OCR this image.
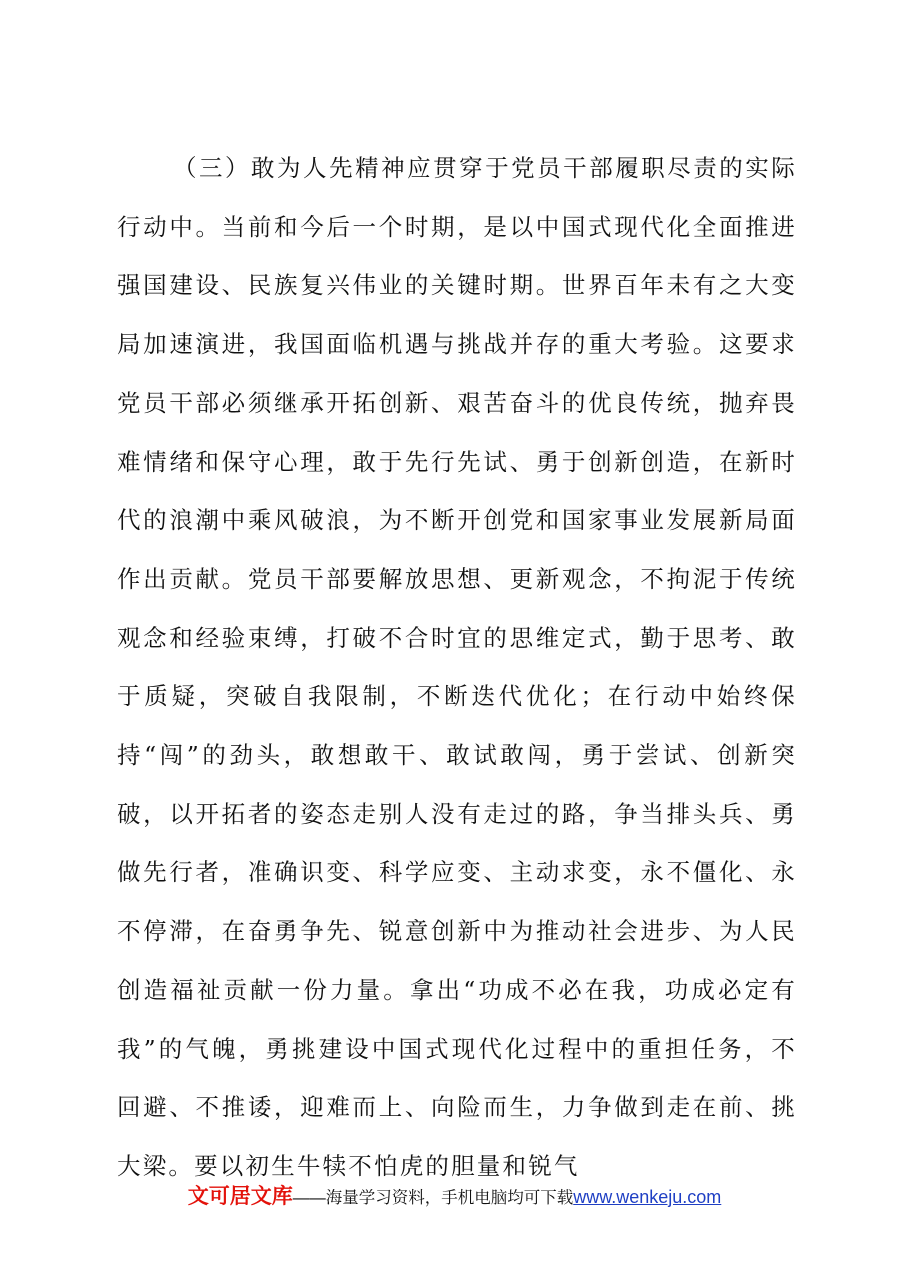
（三）敢为人先精神应贯穿于党员干部履职尽责的实际行动中。当前和今后一个时期，是以中国式现代化全面推进强国建设、民族复兴伟业的关键时期。世界百年未有之大变局加速演进，我国面临机遇与挑战并存的重大考验。这要求党员干部必须继承开拓创新、艰苦奋斗的优良传统，抛弃畏难情绪和保守心理，敢于先行先试、勇于创新创造，在新时代的浪潮中乘风破浪，为不断开创党和国家事业发展新局面作出贡献。党员干部要解放思想、更新观念，不拘泥于传统观念和经验束缚，打破不合时宜的思维定式，勤于思考、敢于质疑，突破自我限制，不断迭代优化；在行动中始终保持“闯”的劲头，敢想敢干、敢试敢闯，勇于尝试、创新突破，以开拓者的姿态走别人没有走过的路，争当排头兵、勇做先行者，准确识变、科学应变、主动求变，永不僵化、永不停滞，在奋勇争先、锐意创新中为推动社会进步、为人民创造福祉贡献一份力量。拿出“功成不必在我，功成必定有我”的气魄，勇挑建设中国式现代化过程中的重担任务，不回避、不推诿，迎难而上、向险而生，力争做到走在前、挑大梁。要以初生牛犊不怕虎的胆量和锐气

文可居文库——海量学习资料，手机电脑均可下载www.wenkeju.com
